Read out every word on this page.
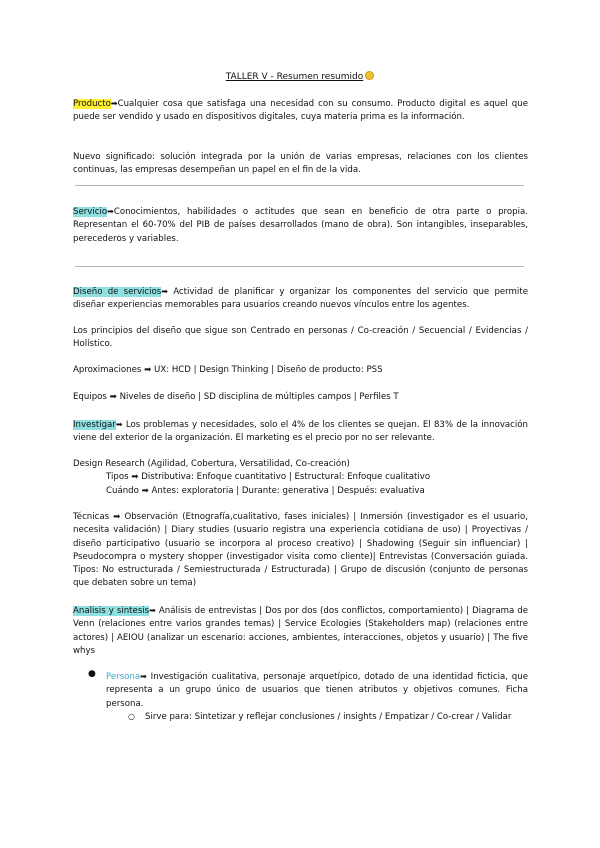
TALLER V - Resumen resumido
Producto➡Cualquier cosa que satisfaga una necesidad con su consumo. Producto digital es aquel que puede ser vendido y usado en dispositivos digitales, cuya materia prima es la información.
Nuevo significado: solución integrada por la unión de varias empresas, relaciones con los clientes continuas, las empresas desempeñan un papel en el fin de la vida.
Servicio➡Conocimientos, habilidades o actitudes que sean en beneficio de otra parte o propia. Representan el 60-70% del PIB de países desarrollados (mano de obra). Son intangibles, inseparables, perecederos y variables.
Diseño de servicios➡ Actividad de planificar y organizar los componentes del servicio que permite diseñar experiencias memorables para usuarios creando nuevos vínculos entre los agentes.
Los principios del diseño que sigue son Centrado en personas / Co-creación / Secuencial / Evidencias / Holístico.
Aproximaciones ➡ UX: HCD | Design Thinking | Diseño de producto: PSS
Equipos ➡ Niveles de diseño | SD disciplina de múltiples campos | Perfiles T
Investigar➡ Los problemas y necesidades, solo el 4% de los clientes se quejan. El 83% de la innovación viene del exterior de la organización. El marketing es el precio por no ser relevante.
Design Research (Agilidad, Cobertura, Versatilidad, Co-creación)
Tipos ➡ Distributiva: Enfoque cuantitativo | Estructural: Enfoque cualitativo
Cuándo ➡ Antes: exploratoria | Durante: generativa | Después: evaluativa
Técnicas ➡ Observación (Etnografía,cualitativo, fases iniciales) | Inmersión (investigador es el usuario, necesita validación) | Diary studies (usuario registra una experiencia cotidiana de uso) | Proyectivas / diseño participativo (usuario se incorpora al proceso creativo) | Shadowing (Seguir sin influenciar) | Pseudocompra o mystery shopper (investigador visita como cliente)| Entrevistas (Conversación guiada. Tipos: No estructurada / Semiestructurada / Estructurada) | Grupo de discusión (conjunto de personas que debaten sobre un tema)
Analisis y sintesis➡ Análisis de entrevistas | Dos por dos (dos conflictos, comportamiento) | Diagrama de Venn (relaciones entre varios grandes temas) | Service Ecologies (Stakeholders map) (relaciones entre actores) | AEIOU (analizar un escenario: acciones, ambientes, interacciones, objetos y usuario) | The five whys
● Persona➡ Investigación cualitativa, personaje arquetípico, dotado de una identidad ficticia, que representa a un grupo único de usuarios que tienen atributos y objetivos comunes. Ficha persona.
○ Sirve para: Sintetizar y reflejar conclusiones / insights / Empatizar / Co-crear / Validar
